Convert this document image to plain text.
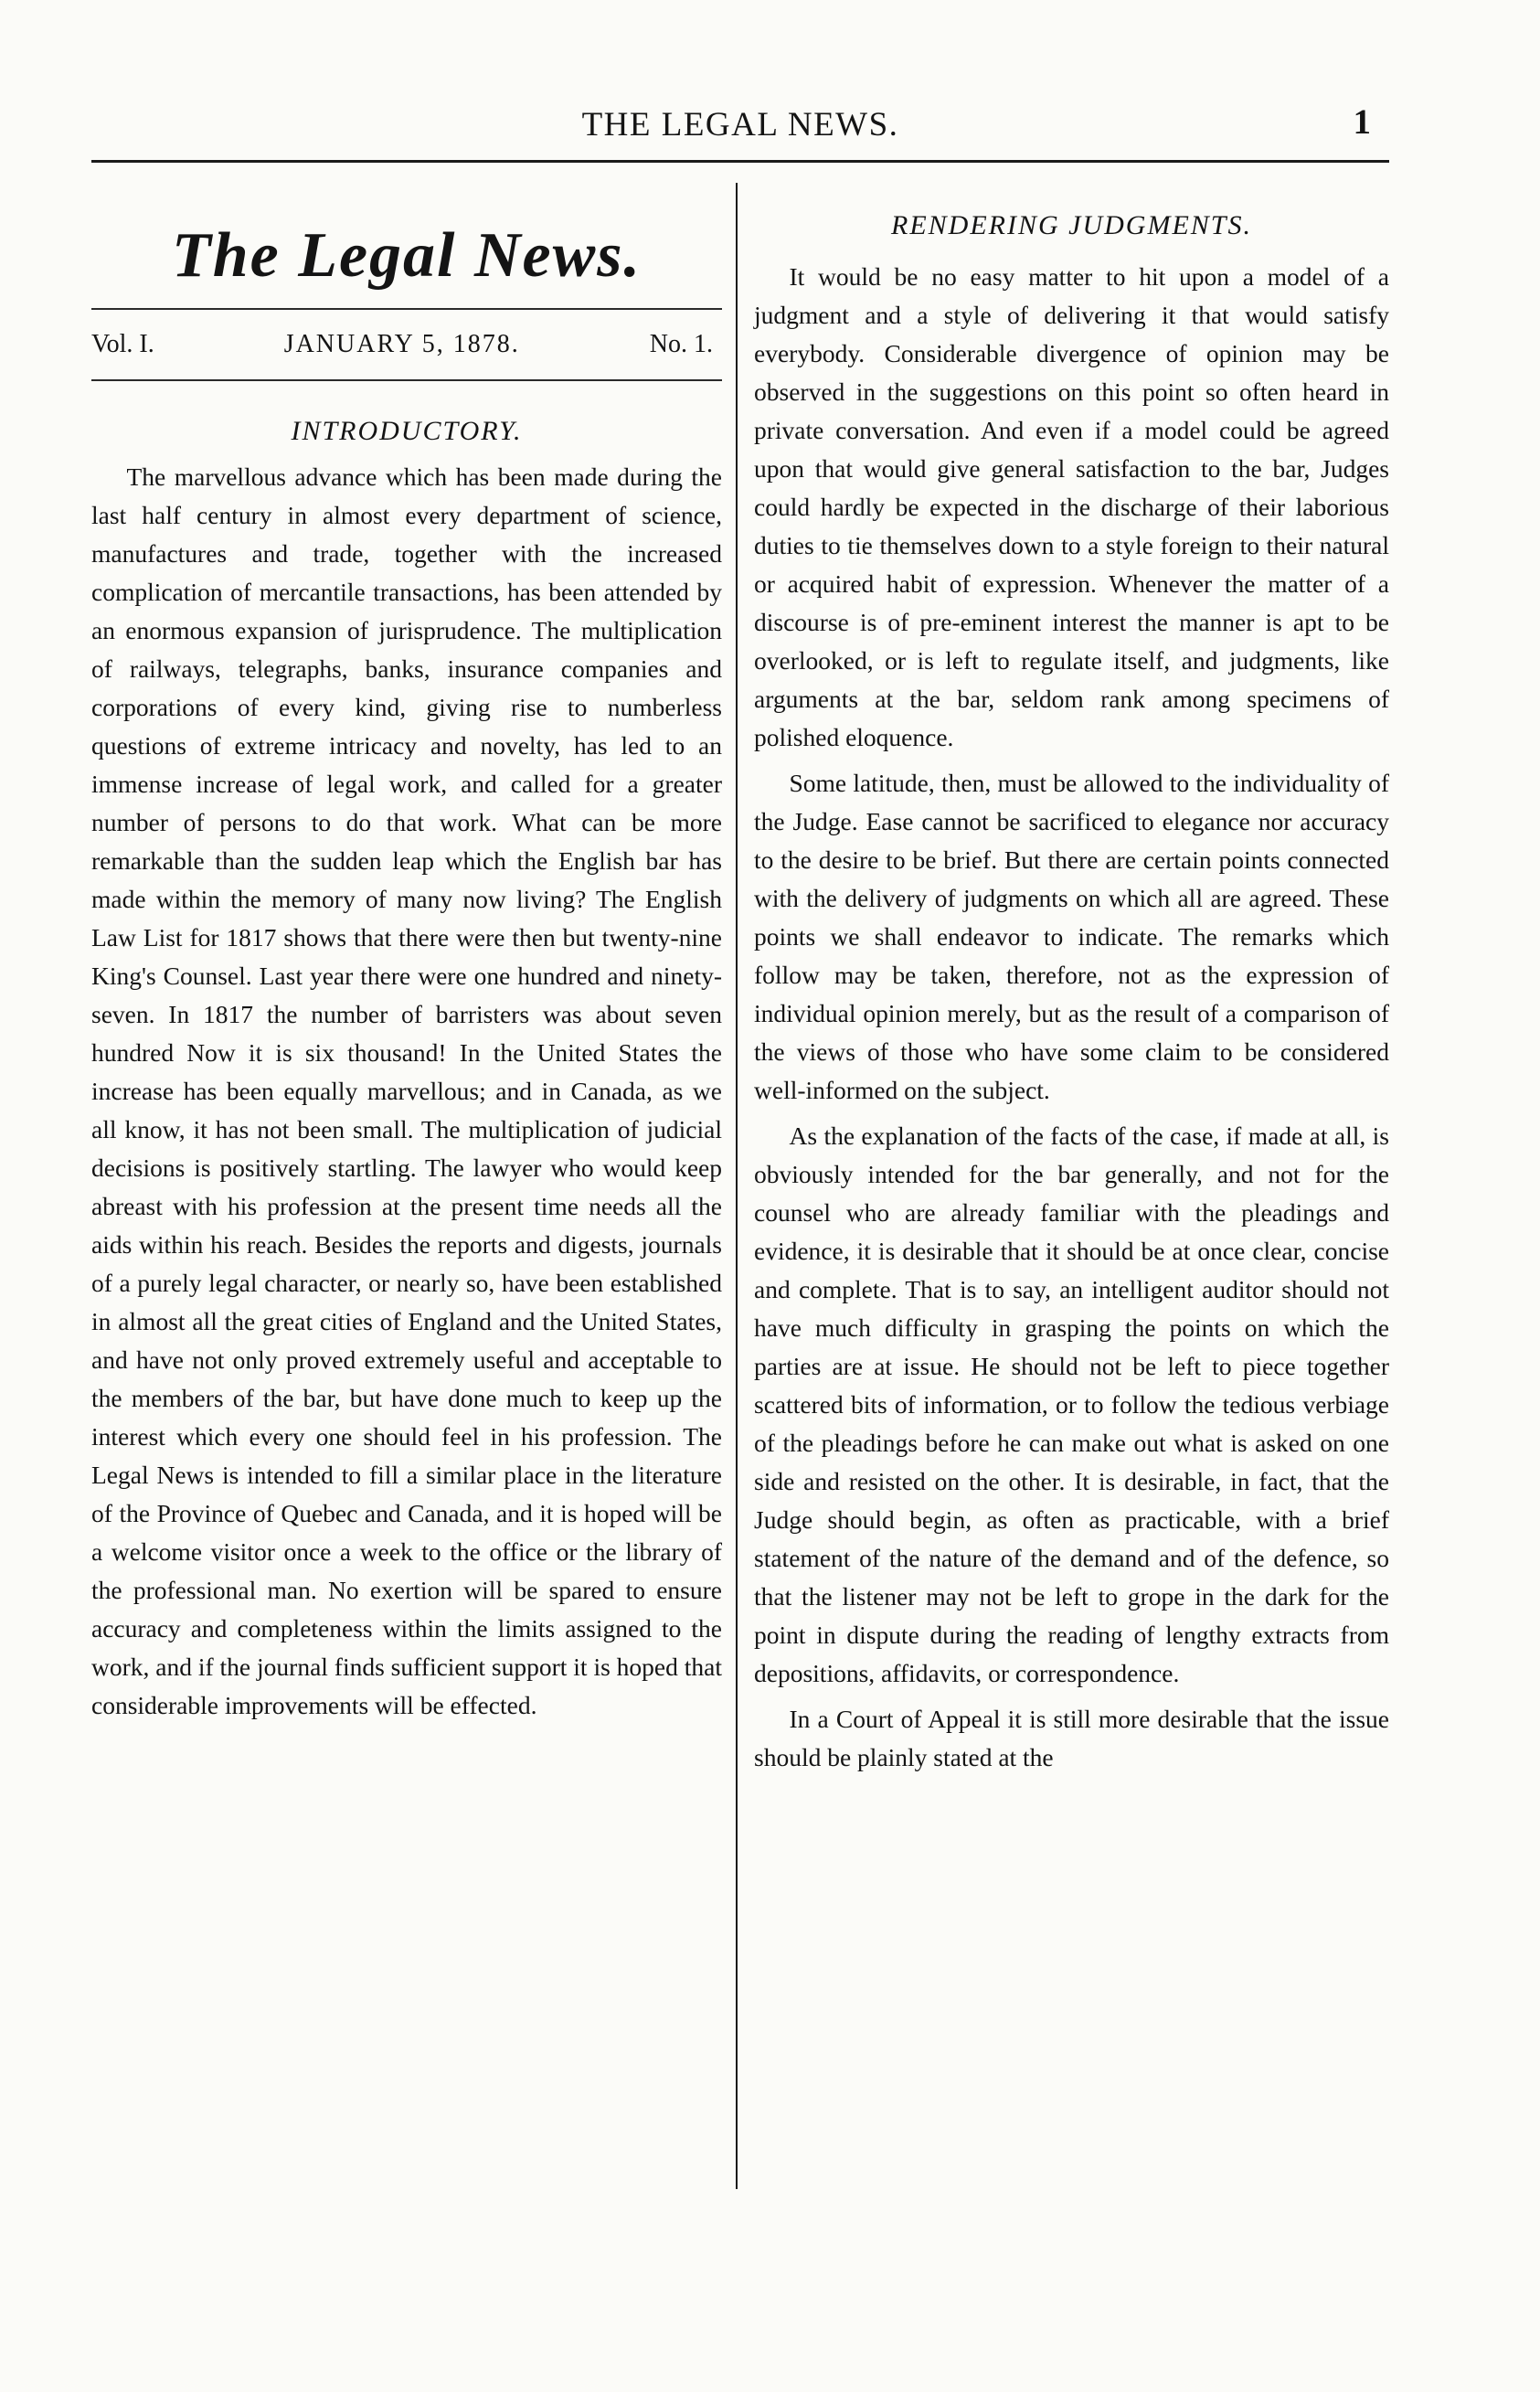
THE LEGAL NEWS.	1
The Legal News.
Vol. I.	JANUARY 5, 1878.	No. 1.
INTRODUCTORY.

The marvellous advance which has been made during the last half century in almost every department of science, manufactures and trade, together with the increased complication of mercantile transactions, has been attended by an enormous expansion of jurisprudence. The multiplication of railways, telegraphs, banks, insurance companies and corporations of every kind, giving rise to numberless questions of extreme intricacy and novelty, has led to an immense increase of legal work, and called for a greater number of persons to do that work. What can be more remarkable than the sudden leap which the English bar has made within the memory of many now living? The English Law List for 1817 shows that there were then but twenty-nine King's Counsel. Last year there were one hundred and ninety-seven. In 1817 the number of barristers was about seven hundred Now it is six thousand! In the United States the increase has been equally marvellous; and in Canada, as we all know, it has not been small. The multiplication of judicial decisions is positively startling. The lawyer who would keep abreast with his profession at the present time needs all the aids within his reach. Besides the reports and digests, journals of a purely legal character, or nearly so, have been established in almost all the great cities of England and the United States, and have not only proved extremely useful and acceptable to the members of the bar, but have done much to keep up the interest which every one should feel in his profession. The Legal News is intended to fill a similar place in the literature of the Province of Quebec and Canada, and it is hoped will be a welcome visitor once a week to the office or the library of the professional man. No exertion will be spared to ensure accuracy and completeness within the limits assigned to the work, and if the journal finds sufficient support it is hoped that considerable improvements will be effected.

RENDERING JUDGMENTS.

It would be no easy matter to hit upon a model of a judgment and a style of delivering it that would satisfy everybody. Considerable divergence of opinion may be observed in the suggestions on this point so often heard in private conversation. And even if a model could be agreed upon that would give general satisfaction to the bar, Judges could hardly be expected in the discharge of their laborious duties to tie themselves down to a style foreign to their natural or acquired habit of expression. Whenever the matter of a discourse is of pre-eminent interest the manner is apt to be overlooked, or is left to regulate itself, and judgments, like arguments at the bar, seldom rank among specimens of polished eloquence.

Some latitude, then, must be allowed to the individuality of the Judge. Ease cannot be sacrificed to elegance nor accuracy to the desire to be brief. But there are certain points connected with the delivery of judgments on which all are agreed. These points we shall endeavor to indicate. The remarks which follow may be taken, therefore, not as the expression of individual opinion merely, but as the result of a comparison of the views of those who have some claim to be considered well-informed on the subject.

As the explanation of the facts of the case, if made at all, is obviously intended for the bar generally, and not for the counsel who are already familiar with the pleadings and evidence, it is desirable that it should be at once clear, concise and complete. That is to say, an intelligent auditor should not have much difficulty in grasping the points on which the parties are at issue. He should not be left to piece together scattered bits of information, or to follow the tedious verbiage of the pleadings before he can make out what is asked on one side and resisted on the other. It is desirable, in fact, that the Judge should begin, as often as practicable, with a brief statement of the nature of the demand and of the defence, so that the listener may not be left to grope in the dark for the point in dispute during the reading of lengthy extracts from depositions, affidavits, or correspondence.

In a Court of Appeal it is still more desirable that the issue should be plainly stated at the
